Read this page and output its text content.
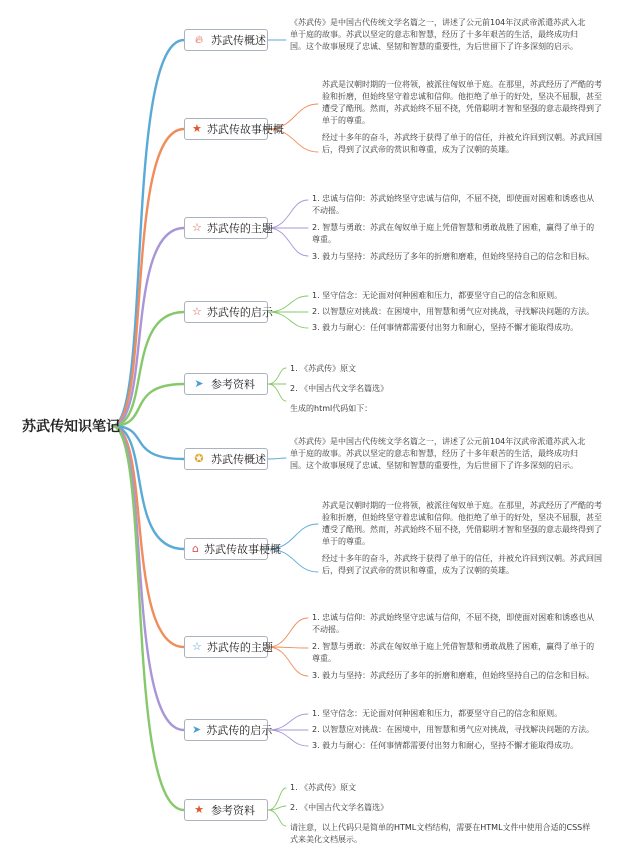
苏武传知识笔记
🔥︎ 苏武传概述

《苏武传》是中国古代传统文学名篇之一，讲述了公元前104年汉武帝派遣苏武入北单于庭的故事。苏武以坚定的意志和智慧，经历了十多年艰苦的生活，最终成功归国。这个故事展现了忠诚、坚韧和智慧的重要性，为后世留下了许多深刻的启示。

★ 苏武传故事梗概

苏武是汉朝时期的一位将领，被派往匈奴单于庭。在那里，苏武经历了严酷的考验和折磨，但始终坚守着忠诚和信仰。他拒绝了单于的好处，坚决不屈服，甚至遭受了酷刑。然而，苏武始终不屈不挠，凭借聪明才智和坚强的意志最终得到了单于的尊重。

经过十多年的奋斗，苏武终于获得了单于的信任，并被允许回到汉朝。苏武回国后，得到了汉武帝的赏识和尊重，成为了汉朝的英雄。

☆ 苏武传的主题

1. 忠诚与信仰：苏武始终坚守忠诚与信仰，不屈不挠，即使面对困难和诱惑也从不动摇。

2. 智慧与勇敢：苏武在匈奴单于庭上凭借智慧和勇敢战胜了困难，赢得了单于的尊重。

3. 毅力与坚持：苏武经历了多年的折磨和磨难，但始终坚持自己的信念和目标。

☆ 苏武传的启示

1. 坚守信念：无论面对何种困难和压力，都要坚守自己的信念和原则。

2. 以智慧应对挑战：在困境中，用智慧和勇气应对挑战，寻找解决问题的方法。

3. 毅力与耐心：任何事情都需要付出努力和耐心，坚持不懈才能取得成功。

➤ 参考资料

1. 《苏武传》原文

2. 《中国古代文学名篇选》

生成的html代码如下：

✪ 苏武传概述

《苏武传》是中国古代传统文学名篇之一，讲述了公元前104年汉武帝派遣苏武入北单于庭的故事。苏武以坚定的意志和智慧，经历了十多年艰苦的生活，最终成功归国。这个故事展现了忠诚、坚韧和智慧的重要性，为后世留下了许多深刻的启示。

⌂ 苏武传故事梗概

苏武是汉朝时期的一位将领，被派往匈奴单于庭。在那里，苏武经历了严酷的考验和折磨，但始终坚守着忠诚和信仰。他拒绝了单于的好处，坚决不屈服，甚至遭受了酷刑。然而，苏武始终不屈不挠，凭借聪明才智和坚强的意志最终得到了单于的尊重。

经过十多年的奋斗，苏武终于获得了单于的信任，并被允许回到汉朝。苏武回国后，得到了汉武帝的赏识和尊重，成为了汉朝的英雄。

☆ 苏武传的主题

1. 忠诚与信仰：苏武始终坚守忠诚与信仰，不屈不挠，即使面对困难和诱惑也从不动摇。

2. 智慧与勇敢：苏武在匈奴单于庭上凭借智慧和勇敢战胜了困难，赢得了单于的尊重。

3. 毅力与坚持：苏武经历了多年的折磨和磨难，但始终坚持自己的信念和目标。

➤ 苏武传的启示

1. 坚守信念：无论面对何种困难和压力，都要坚守自己的信念和原则。

2. 以智慧应对挑战：在困境中，用智慧和勇气应对挑战，寻找解决问题的方法。

3. 毅力与耐心：任何事情都需要付出努力和耐心，坚持不懈才能取得成功。

★ 参考资料

1. 《苏武传》原文

2. 《中国古代文学名篇选》

请注意，以上代码只是简单的HTML文档结构，需要在HTML文件中使用合适的CSS样式来美化文档展示。
